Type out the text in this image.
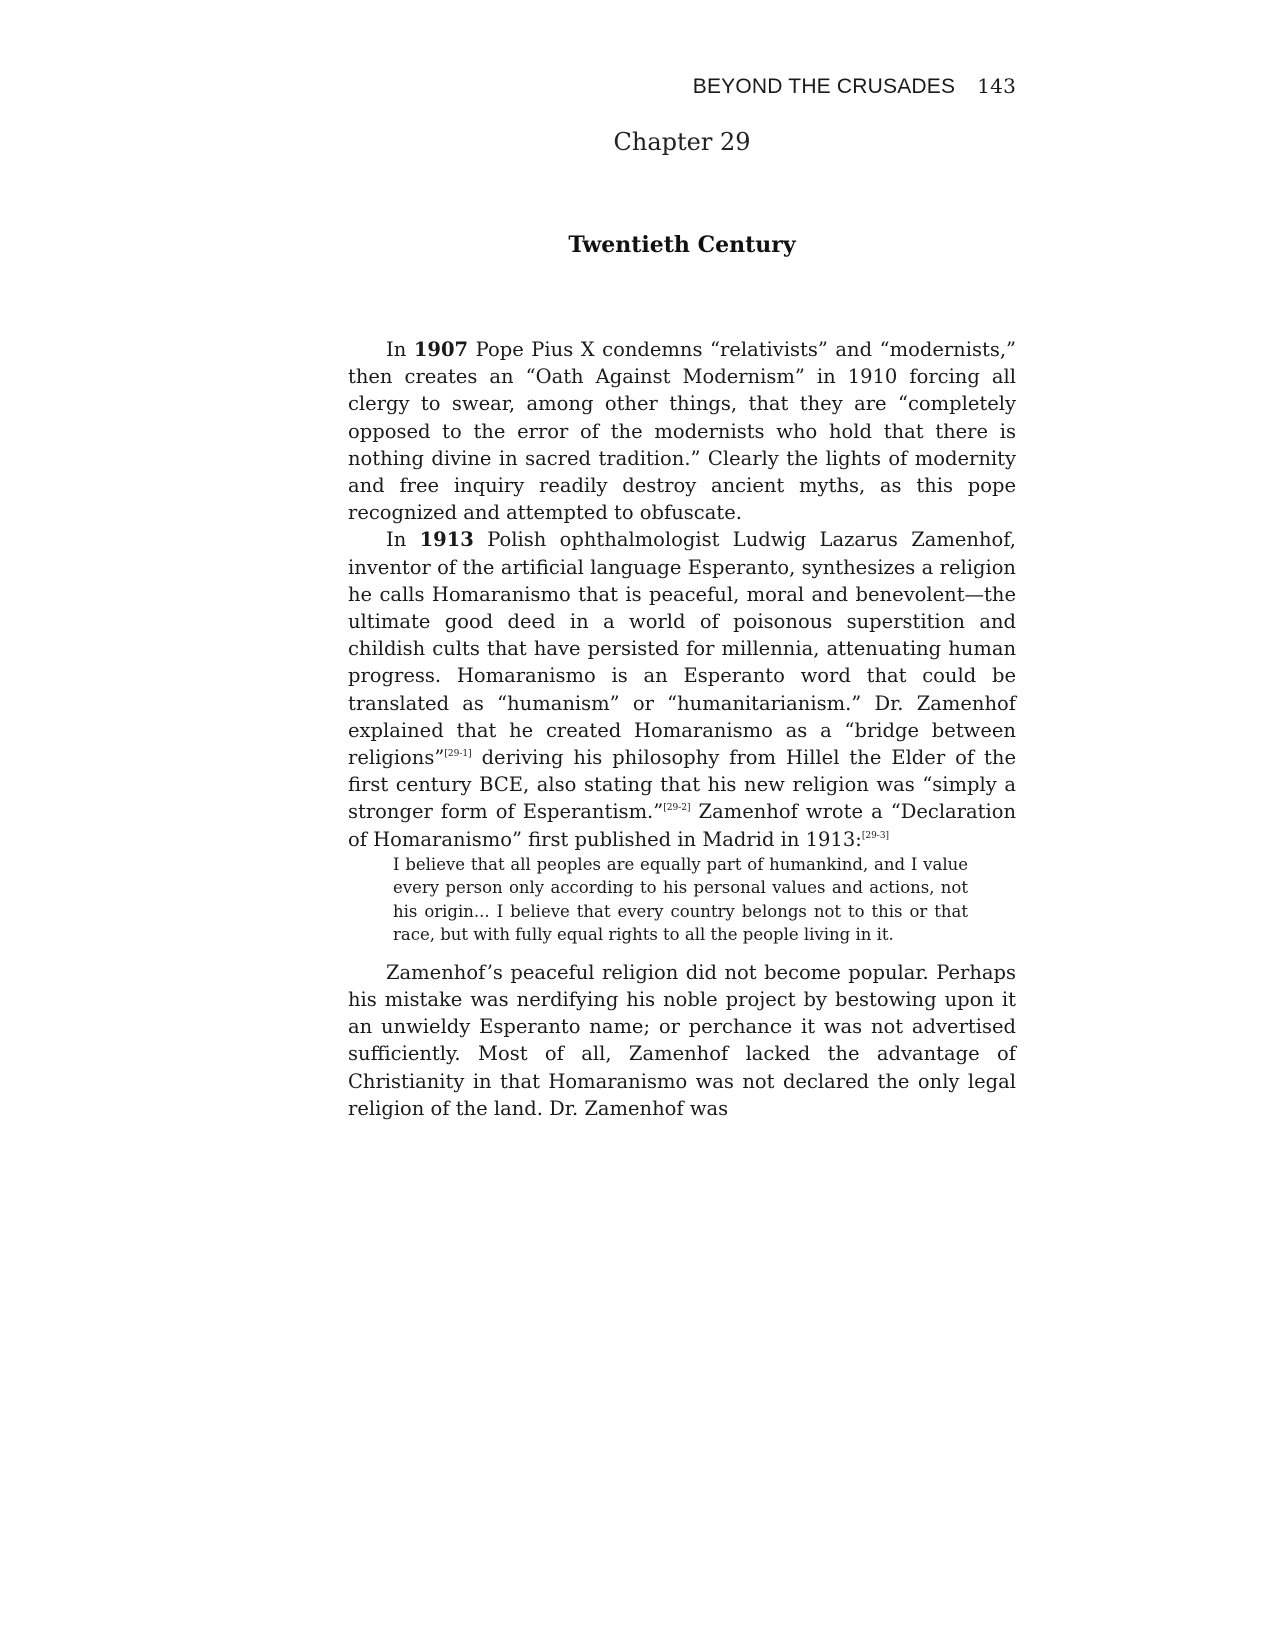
BEYOND THE CRUSADES 143
Chapter 29
Twentieth Century

In 1907 Pope Pius X condemns “relativists” and “modernists,” then creates an “Oath Against Modernism” in 1910 forcing all clergy to swear, among other things, that they are “completely opposed to the error of the modernists who hold that there is nothing divine in sacred tradition.” Clearly the lights of modernity and free inquiry readily destroy ancient myths, as this pope recognized and attempted to obfuscate.

In 1913 Polish ophthalmologist Ludwig Lazarus Zamenhof, inventor of the artificial language Esperanto, synthesizes a religion he calls Homaranismo that is peaceful, moral and benevolent—the ultimate good deed in a world of poisonous superstition and childish cults that have persisted for millennia, attenuating human progress. Homaranismo is an Esperanto word that could be translated as “humanism” or “humanitarianism.” Dr. Zamenhof explained that he created Homaranismo as a “bridge between religions”[29-1] deriving his philosophy from Hillel the Elder of the first century BCE, also stating that his new religion was “simply a stronger form of Esperantism.”[29-2] Zamenhof wrote a “Declaration of Homaranismo” first published in Madrid in 1913:[29-3]

I believe that all peoples are equally part of humankind, and I value every person only according to his personal values and actions, not his origin... I believe that every country belongs not to this or that race, but with fully equal rights to all the people living in it.

Zamenhof’s peaceful religion did not become popular. Perhaps his mistake was nerdifying his noble project by bestowing upon it an unwieldy Esperanto name; or perchance it was not advertised sufficiently. Most of all, Zamenhof lacked the advantage of Christianity in that Homaranismo was not declared the only legal religion of the land. Dr. Zamenhof was
